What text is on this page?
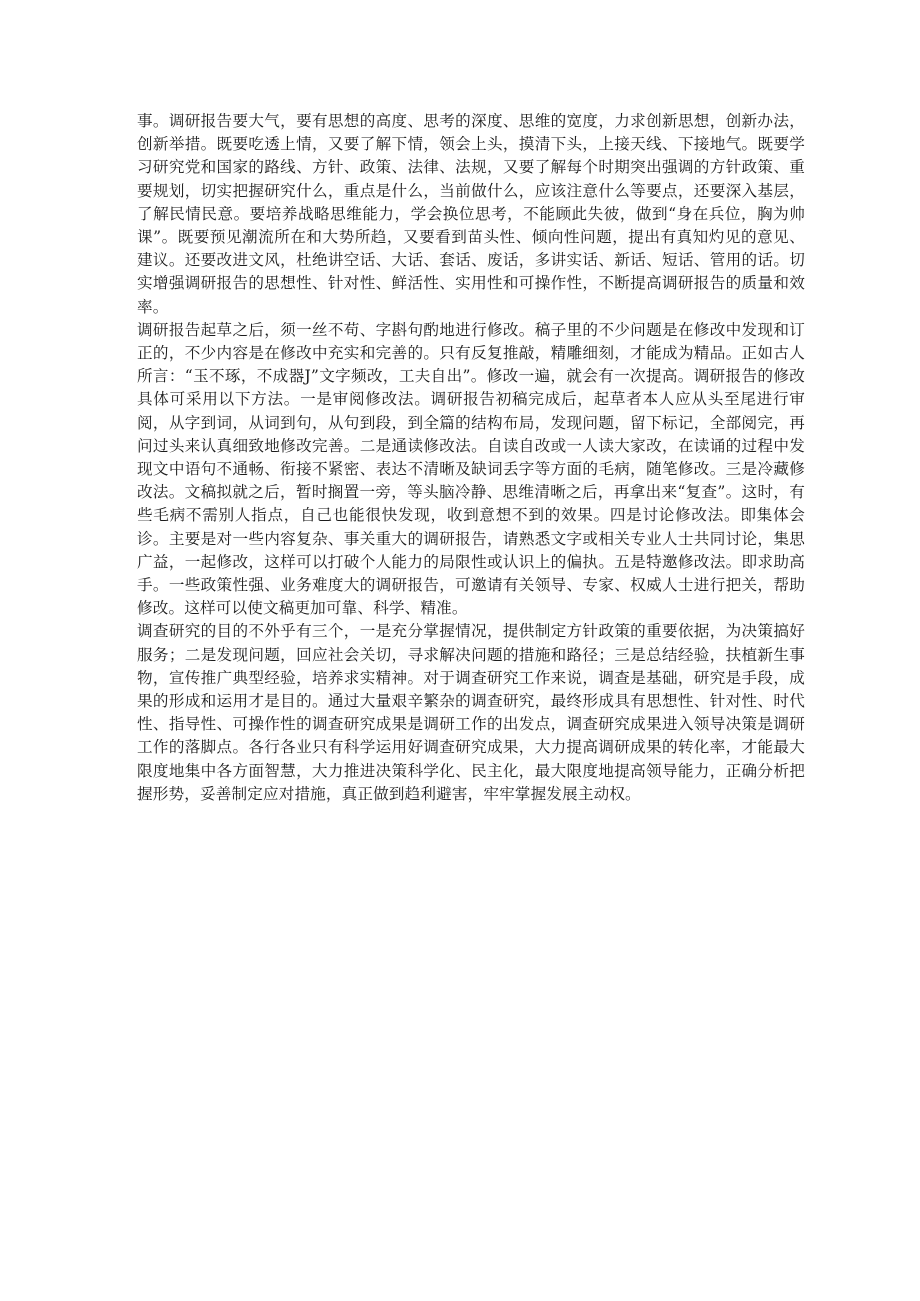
事。调研报告要大气，要有思想的高度、思考的深度、思维的宽度，力求创新思想，创新办法，创新举措。既要吃透上情，又要了解下情，领会上头，摸清下头，上接天线、下接地气。既要学习研究党和国家的路线、方针、政策、法律、法规，又要了解每个时期突出强调的方针政策、重要规划，切实把握研究什么，重点是什么，当前做什么，应该注意什么等要点，还要深入基层，了解民情民意。要培养战略思维能力，学会换位思考，不能顾此失彼，做到“身在兵位，胸为帅课”。既要预见潮流所在和大势所趋，又要看到苗头性、倾向性问题，提出有真知灼见的意见、建议。还要改进文风，杜绝讲空话、大话、套话、废话，多讲实话、新话、短话、管用的话。切实增强调研报告的思想性、针对性、鲜活性、实用性和可操作性，不断提高调研报告的质量和效率。

调研报告起草之后，须一丝不苟、字斟句酌地进行修改。稿子里的不少问题是在修改中发现和订正的，不少内容是在修改中充实和完善的。只有反复推敲，精雕细刻，才能成为精品。正如古人所言：“玉不琢，不成器J”文字频改，工夫自出”。修改一遍，就会有一次提高。调研报告的修改具体可采用以下方法。一是审阅修改法。调研报告初稿完成后，起草者本人应从头至尾进行审阅，从字到词，从词到句，从句到段，到全篇的结构布局，发现问题，留下标记，全部阅完，再问过头来认真细致地修改完善。二是通读修改法。自读自改或一人读大家改，在读诵的过程中发现文中语句不通畅、衔接不紧密、表达不清晰及缺词丢字等方面的毛病，随笔修改。三是冷藏修改法。文稿拟就之后，暂时搁置一旁，等头脑冷静、思维清晰之后，再拿出来“复查”。这时，有些毛病不需别人指点，自己也能很快发现，收到意想不到的效果。四是讨论修改法。即集体会诊。主要是对一些内容复杂、事关重大的调研报告，请熟悉文字或相关专业人士共同讨论，集思广益，一起修改，这样可以打破个人能力的局限性或认识上的偏执。五是特邀修改法。即求助高手。一些政策性强、业务难度大的调研报告，可邀请有关领导、专家、权威人士进行把关，帮助修改。这样可以使文稿更加可靠、科学、精准。

调查研究的目的不外乎有三个，一是充分掌握情况，提供制定方针政策的重要依据，为决策搞好服务；二是发现问题，回应社会关切，寻求解决问题的措施和路径；三是总结经验，扶植新生事物，宣传推广典型经验，培养求实精神。对于调查研究工作来说，调查是基础，研究是手段，成果的形成和运用才是目的。通过大量艰辛繁杂的调查研究，最终形成具有思想性、针对性、时代性、指导性、可操作性的调查研究成果是调研工作的出发点，调查研究成果进入领导决策是调研工作的落脚点。各行各业只有科学运用好调查研究成果，大力提高调研成果的转化率，才能最大限度地集中各方面智慧，大力推进决策科学化、民主化，最大限度地提高领导能力，正确分析把握形势，妥善制定应对措施，真正做到趋利避害，牢牢掌握发展主动权。
